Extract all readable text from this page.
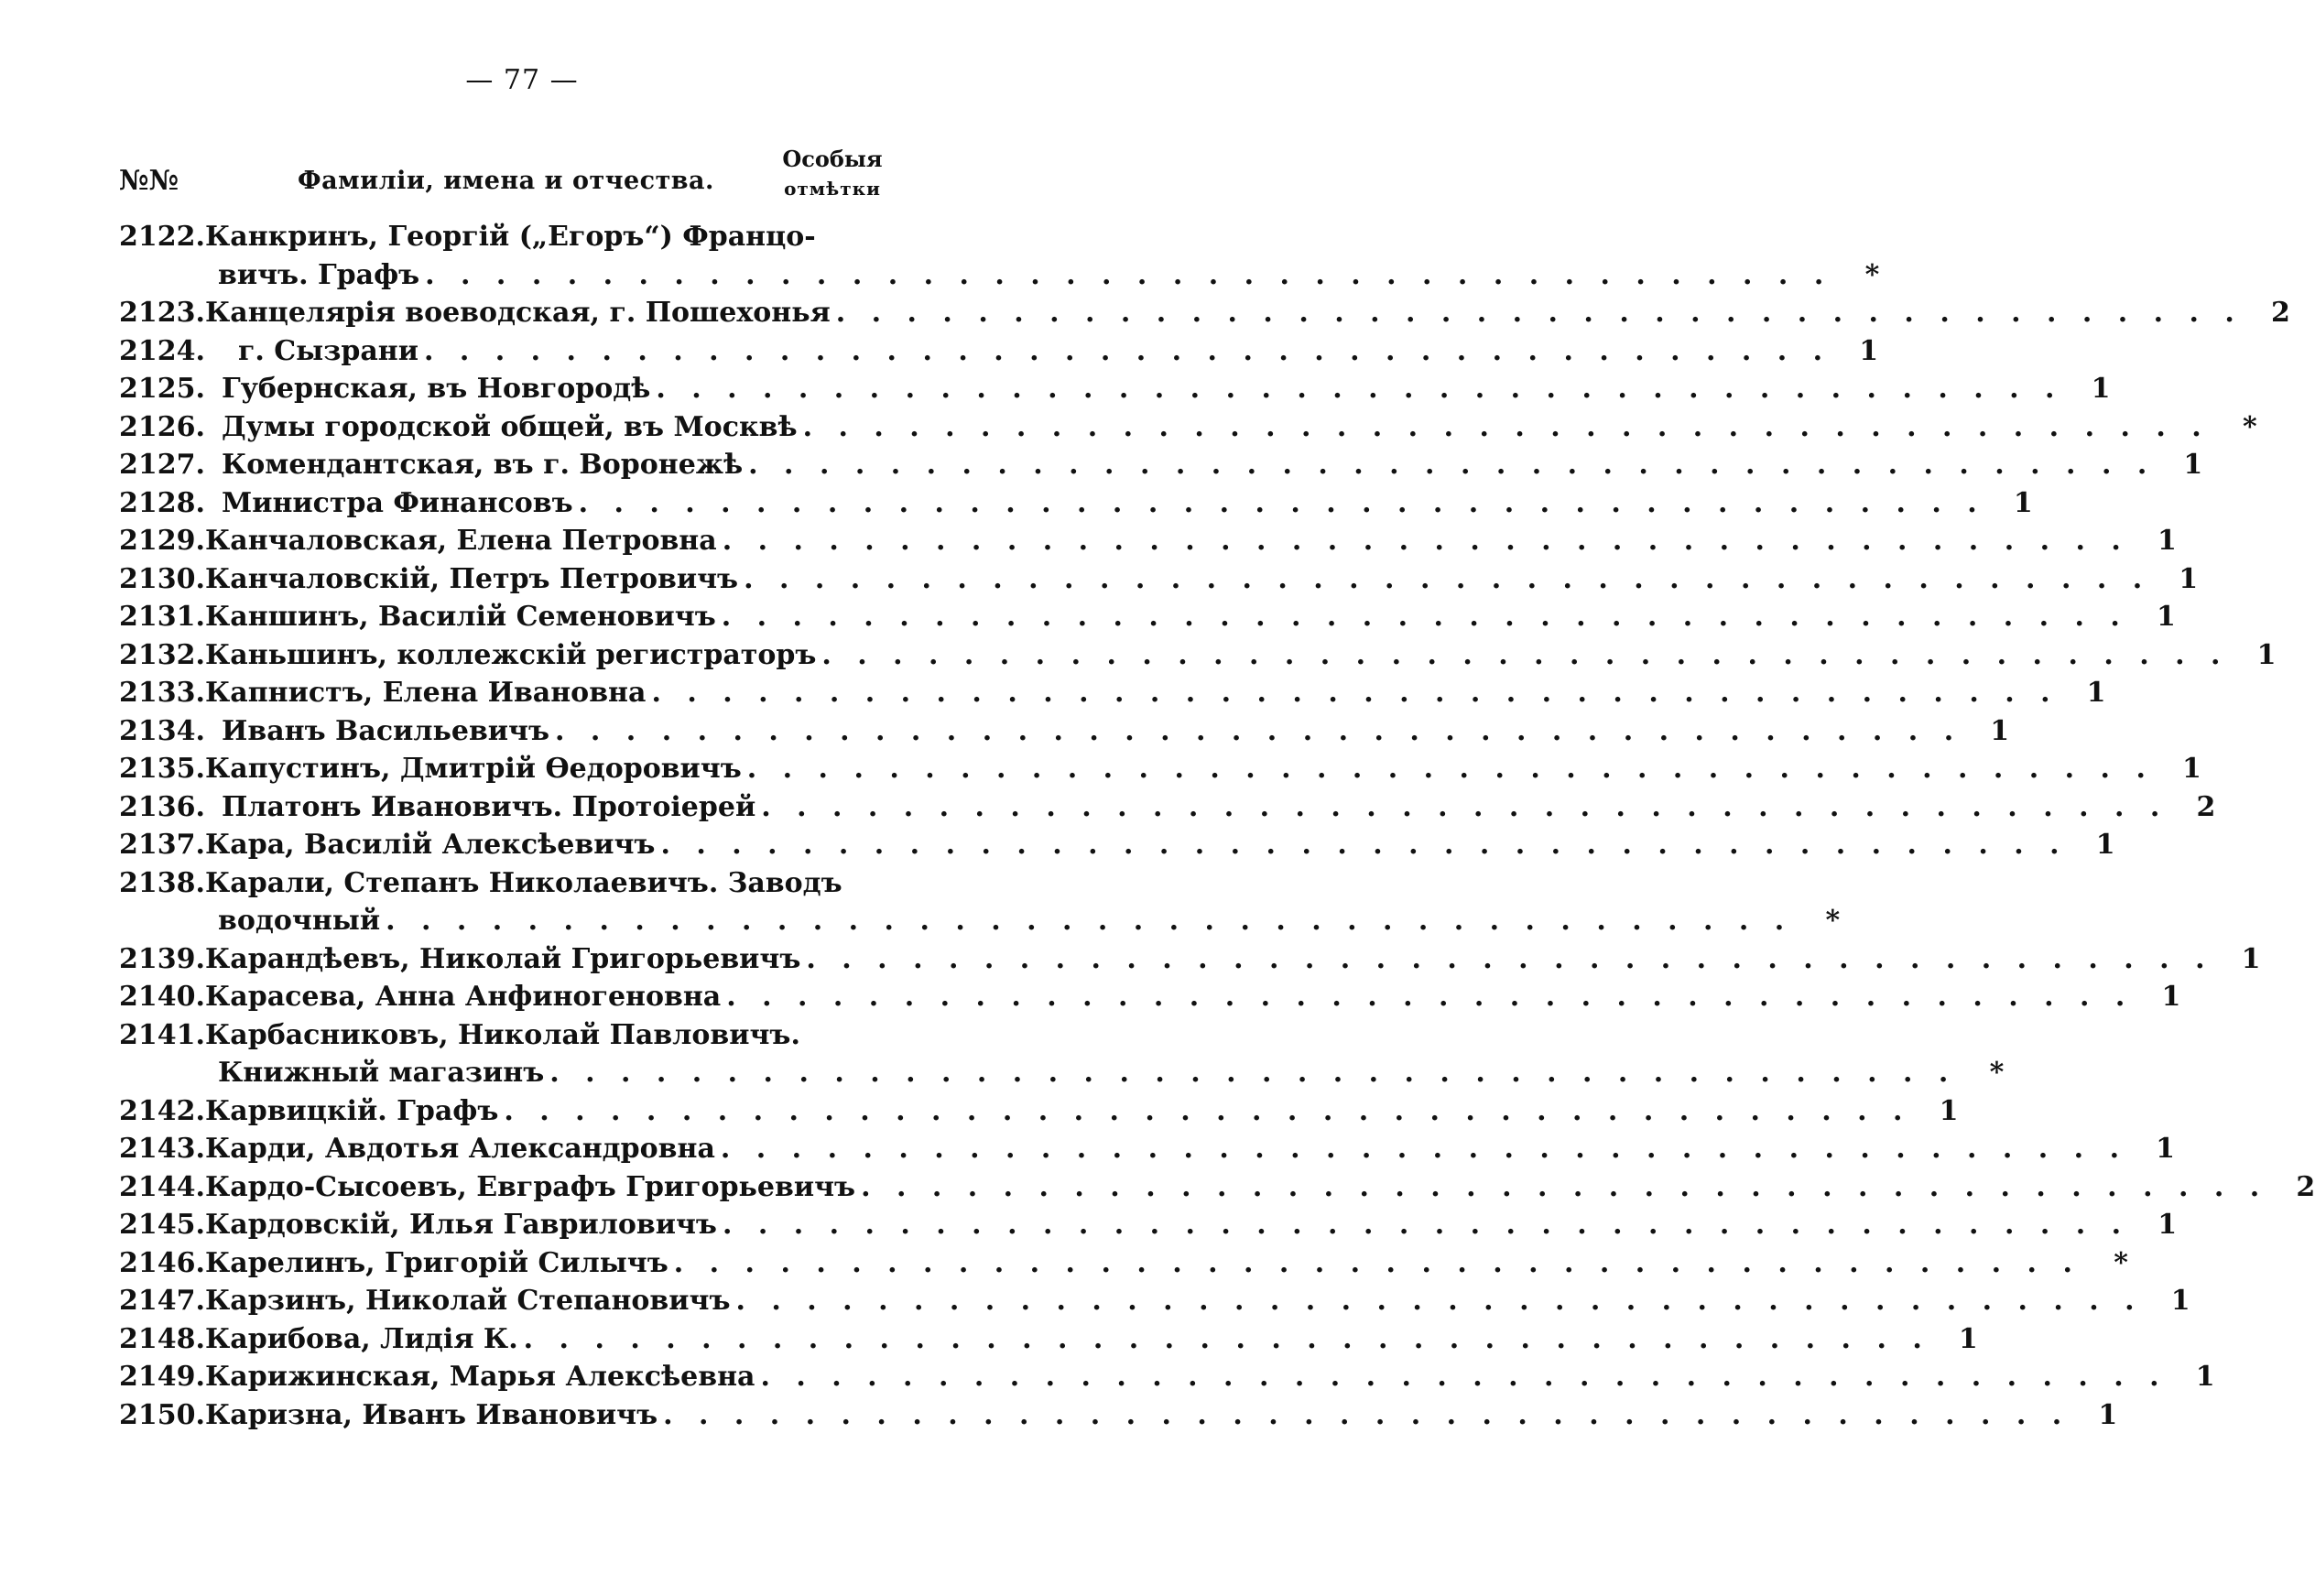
— 77 —
№№	Фамиліи, имена и отчества.
Особыя
отмѣтки
2122. Канкринъ, Георгій („Егоръ“) Францо-
вичъ. Графъ . . . . . . . . . . . . . . . . . . . . . . . . . . . . . . . . . . . . . . . .	*
2123. Канцелярія воеводская, г. Пошехонья . . . . . . . . . . . . . . . . . . . . . . . . . . . . . . . . . . . . . . . .	2
2124. г. Сызрани . . . . . . . . . . . . . . . . . . . . . . . . . . . . . . . . . . . . . . . .	1
2125. Губернская, въ Новгородѣ . . . . . . . . . . . . . . . . . . . . . . . . . . . . . . . . . . . . . . . .	1
2126. Думы городской общей, въ Москвѣ . . . . . . . . . . . . . . . . . . . . . . . . . . . . . . . . . . . . . . . .	*
2127. Комендантская, въ г. Воронежѣ . . . . . . . . . . . . . . . . . . . . . . . . . . . . . . . . . . . . . . . .	1
2128. Министра Финансовъ . . . . . . . . . . . . . . . . . . . . . . . . . . . . . . . . . . . . . . . .	1
2129. Канчаловская, Елена Петровна . . . . . . . . . . . . . . . . . . . . . . . . . . . . . . . . . . . . . . . .	1
2130. Канчаловскій, Петръ Петровичъ . . . . . . . . . . . . . . . . . . . . . . . . . . . . . . . . . . . . . . . .	1
2131. Каншинъ, Василій Семеновичъ . . . . . . . . . . . . . . . . . . . . . . . . . . . . . . . . . . . . . . . .	1
2132. Каньшинъ, коллежскій регистраторъ . . . . . . . . . . . . . . . . . . . . . . . . . . . . . . . . . . . . . . . .	1
2133. Капнистъ, Елена Ивановна . . . . . . . . . . . . . . . . . . . . . . . . . . . . . . . . . . . . . . . .	1
2134. Иванъ Васильевичъ . . . . . . . . . . . . . . . . . . . . . . . . . . . . . . . . . . . . . . . .	1
2135. Капустинъ, Дмитрій Ѳедоровичъ . . . . . . . . . . . . . . . . . . . . . . . . . . . . . . . . . . . . . . . .	1
2136. Платонъ Ивановичъ. Протоіерей . . . . . . . . . . . . . . . . . . . . . . . . . . . . . . . . . . . . . . . .	2
2137. Кара, Василій Алексѣевичъ . . . . . . . . . . . . . . . . . . . . . . . . . . . . . . . . . . . . . . . .	1
2138. Карали, Степанъ Николаевичъ. Заводъ
водочный . . . . . . . . . . . . . . . . . . . . . . . . . . . . . . . . . . . . . . . .	*
2139. Карандѣевъ, Николай Григорьевичъ . . . . . . . . . . . . . . . . . . . . . . . . . . . . . . . . . . . . . . . .	1
2140. Карасева, Анна Анфиногеновна . . . . . . . . . . . . . . . . . . . . . . . . . . . . . . . . . . . . . . . .	1
2141. Карбасниковъ, Николай Павловичъ.
Книжный магазинъ . . . . . . . . . . . . . . . . . . . . . . . . . . . . . . . . . . . . . . . .	*
2142. Карвицкій. Графъ . . . . . . . . . . . . . . . . . . . . . . . . . . . . . . . . . . . . . . . .	1
2143. Карди, Авдотья Александровна . . . . . . . . . . . . . . . . . . . . . . . . . . . . . . . . . . . . . . . .	1
2144. Кардо-Сысоевъ, Евграфъ Григорьевичъ . . . . . . . . . . . . . . . . . . . . . . . . . . . . . . . . . . . . . . . .	2
2145. Кардовскій, Илья Гавриловичъ . . . . . . . . . . . . . . . . . . . . . . . . . . . . . . . . . . . . . . . .	1
2146. Карелинъ, Григорій Силычъ . . . . . . . . . . . . . . . . . . . . . . . . . . . . . . . . . . . . . . . .	*
2147. Карзинъ, Николай Степановичъ . . . . . . . . . . . . . . . . . . . . . . . . . . . . . . . . . . . . . . . .	1
2148. Карибова, Лидія К. . . . . . . . . . . . . . . . . . . . . . . . . . . . . . . . . . . . . . . . .	1
2149. Карижинская, Марья Алексѣевна . . . . . . . . . . . . . . . . . . . . . . . . . . . . . . . . . . . . . . . .	1
2150. Каризна, Иванъ Ивановичъ . . . . . . . . . . . . . . . . . . . . . . . . . . . . . . . . . . . . . . . .	1
